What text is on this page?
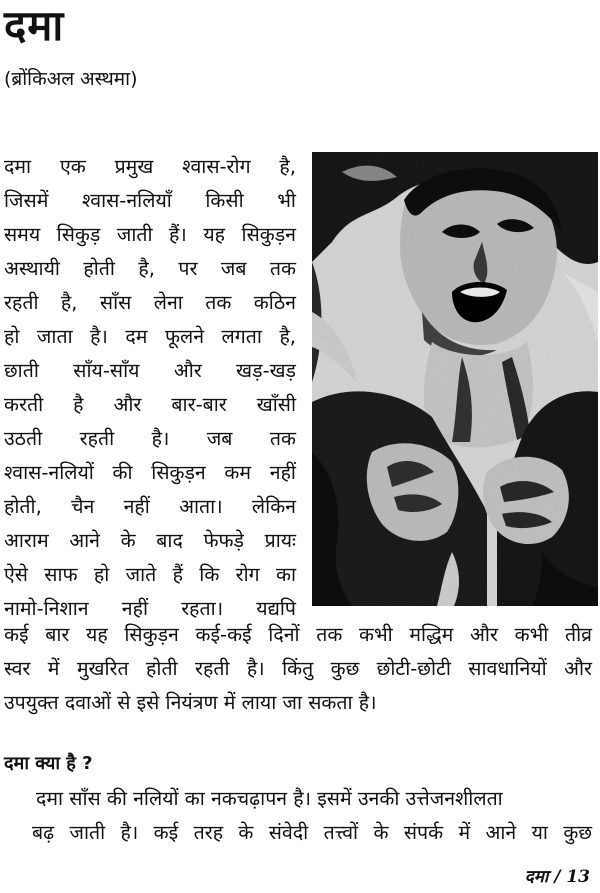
दमा
(ब्रोंकिअल अस्थमा)
दमा एक प्रमुख श्वास-रोग है,
जिसमें श्वास-नलियाँ किसी भी
समय सिकुड़ जाती हैं। यह सिकुड़न
अस्थायी होती है, पर जब तक
रहती है, साँस लेना तक कठिन
हो जाता है। दम फूलने लगता है,
छाती साँय-साँय और खड़-खड़
करती है और बार-बार खाँसी
उठती रहती है। जब तक
श्वास-नलियों की सिकुड़न कम नहीं
होती, चैन नहीं आता। लेकिन
आराम आने के बाद फेफड़े प्रायः
ऐसे साफ हो जाते हैं कि रोग का
नामो-निशान नहीं रहता। यद्यपि
कई बार यह सिकुड़न कई-कई दिनों तक कभी मद्धिम और कभी तीव्र
स्वर में मुखरित होती रहती है। किंतु कुछ छोटी-छोटी सावधानियों और
उपयुक्त दवाओं से इसे नियंत्रण में लाया जा सकता है।
दमा क्या है ?
दमा साँस की नलियों का नकचढ़ापन है। इसमें उनकी उत्तेजनशीलता
बढ़ जाती है। कई तरह के संवेदी तत्त्वों के संपर्क में आने या कुछ
दमा / 13
